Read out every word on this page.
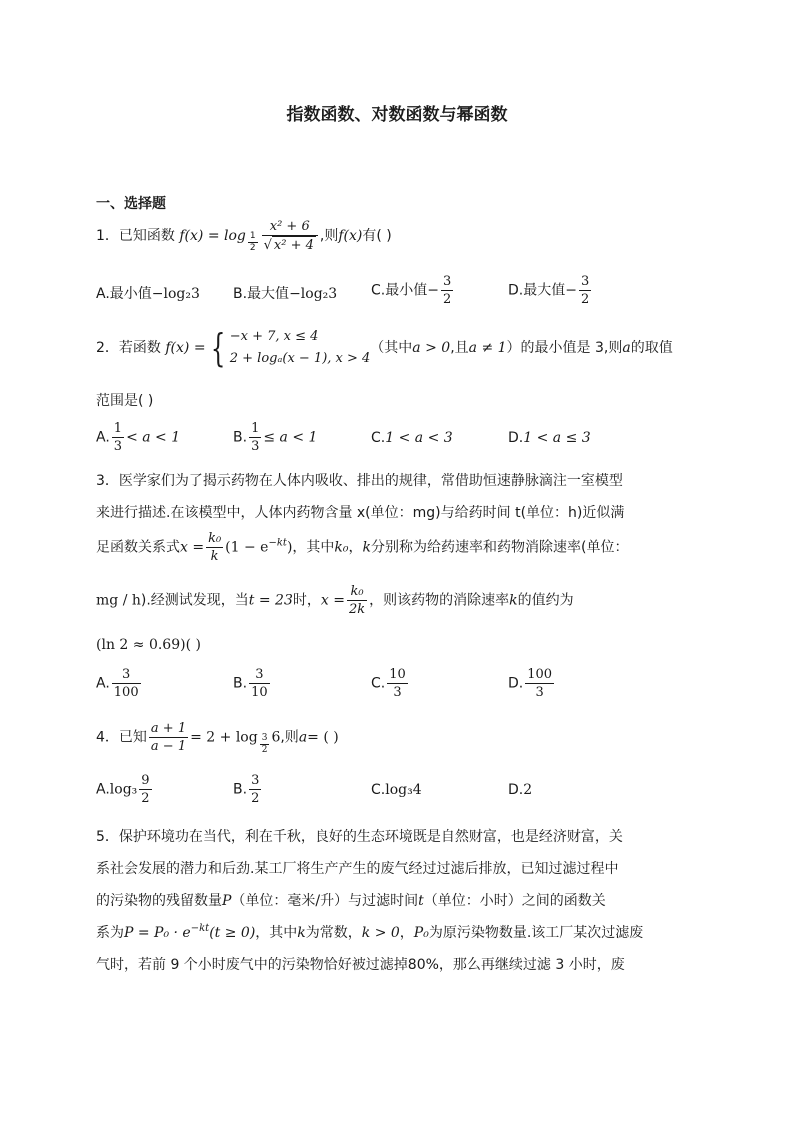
指数函数、对数函数与幂函数
一、选择题
1．已知函数 $f(x) = \log \frac{1}{2} \frac{\text{x² + 6}}{\text{√ x² + 4}}$ ,则f(x)有( )
A.最小值−log₂3 B.最大值−log₂3 C.最小值− $\frac{3}{2}$	D.最大值− $\frac{3}{2}$
2．若函数 f(x) = { −x + 7, x ≤ 4
2 + logₐ(x − 1), x > 4
（其中a > 0,且a ≠ 1）的最小值是 3,则a的取值
范围是( )
A. $\frac{1}{3} < a < 1$	B. $\frac{1}{3} \le a < 1$	C.1 < a < 3	D.1 < a ≤ 3
3．医学家们为了揭示药物在人体内吸收、排出的规律，常借助恒速静脉滴注一室模型
来进行描述.在该模型中，人体内药物含量 x(单位：mg)与给药时间 t(单位：h)近似满
足函数关系式$x = \frac{\text{k₀}}{k} (1 - e^{-kt})$，其中k₀，k分别称为给药速率和药物消除速率(单位：
mg / h).经测试发现，当t = 23时，$x = \frac{\text{k₀}}{2k}$ ，则该药物的消除速率k的值约为
(ln 2 ≈ 0.69)( )
A. $\frac{3}{100}$	B. $\frac{3}{10}$	C. $\frac{10}{3}$	D. $\frac{100}{3}$
4．已知 $\frac{a + 1}{a - 1} = 2 + \log \frac{3}{2} 6$,则a= ( )
$A.\log_3 \frac{9}{2}$	B. $\frac{3}{2}$	C.log₃4	D.2
5．保护环境功在当代，利在千秋，良好的生态环境既是自然财富，也是经济财富，关
系社会发展的潜力和后劲.某工厂将生产产生的废气经过过滤后排放，已知过滤过程中
的污染物的残留数量P（单位：毫米/升）与过滤时间t（单位：小时）之间的函数关
系为$P = P_0 \cdot e^{-kt}(t \ge 0)$，其中k为常数，k > 0，P₀为原污染物数量.该工厂某次过滤废
气时，若前 9 个小时废气中的污染物恰好被过滤掉80%，那么再继续过滤 3 小时，废
